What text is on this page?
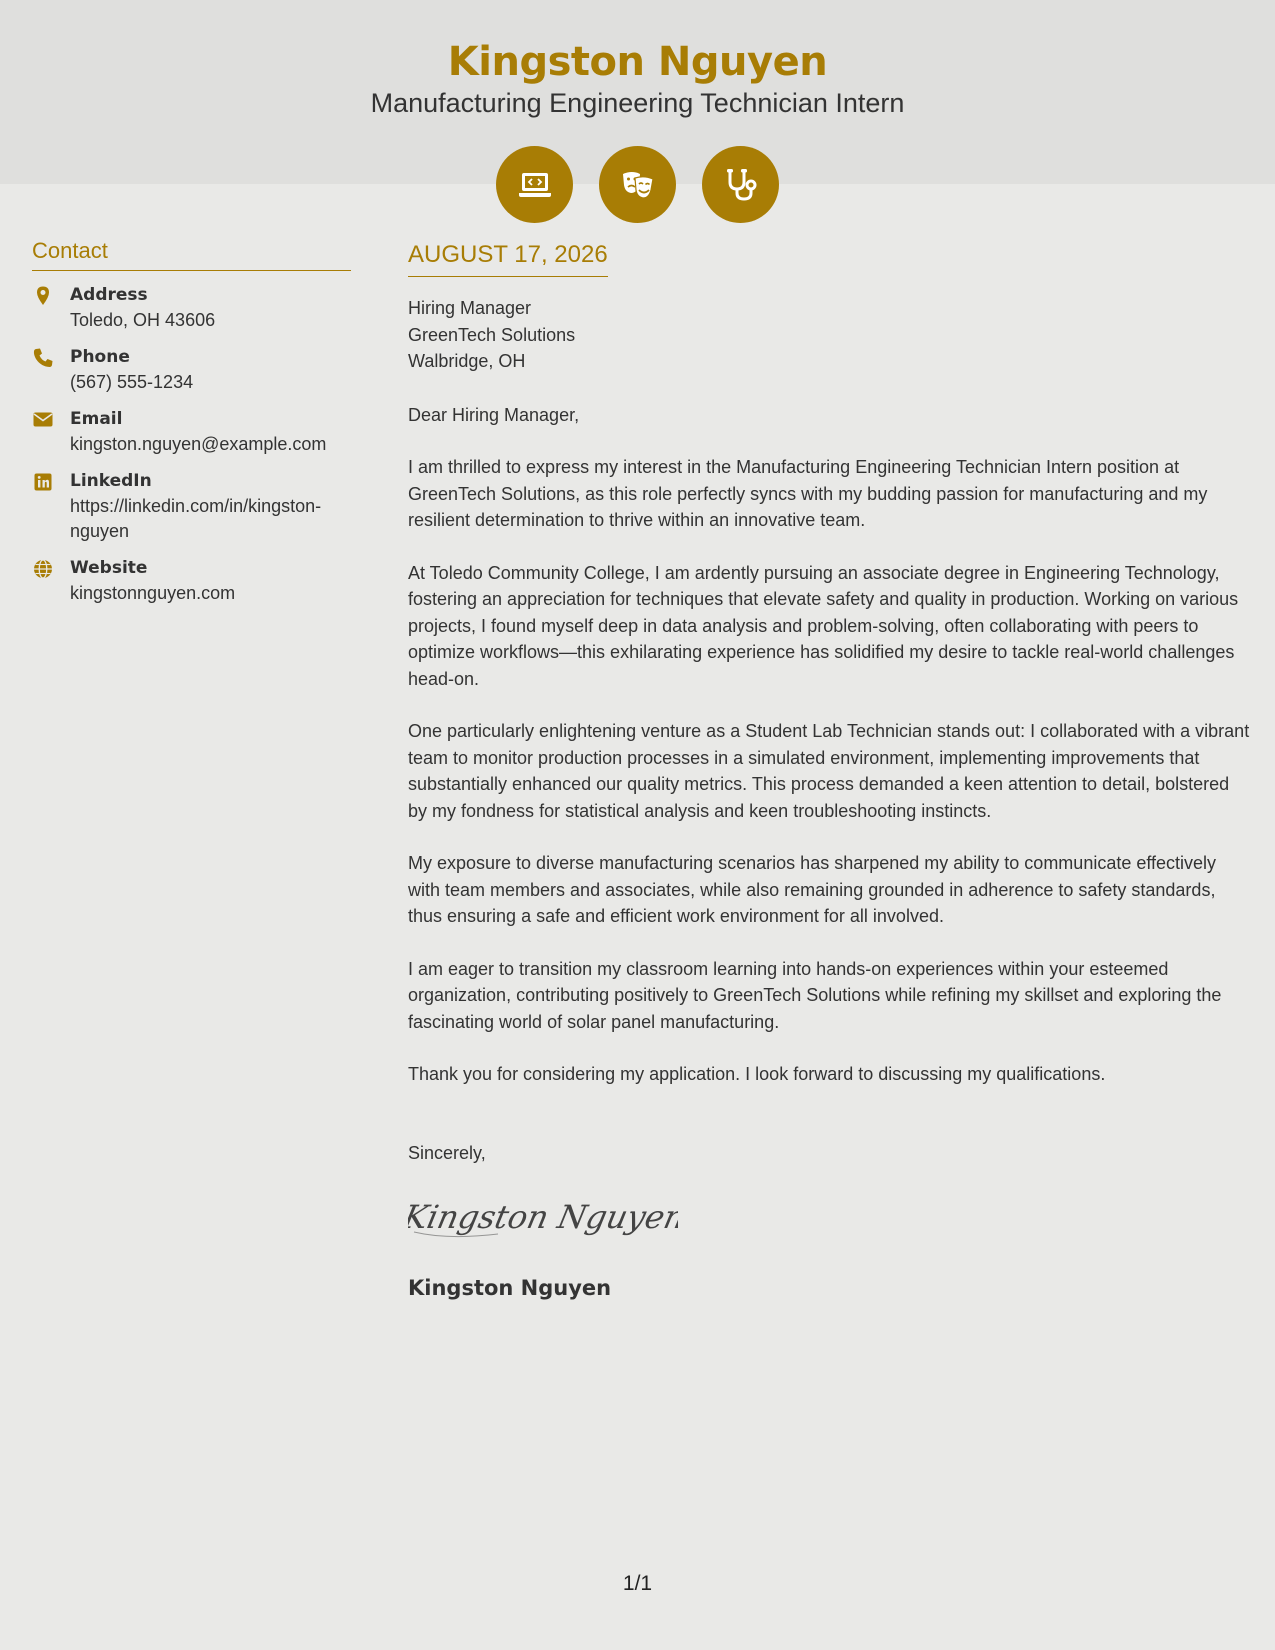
Kingston Nguyen
Manufacturing Engineering Technician Intern
Contact
Address
Toledo, OH 43606
Phone
(567) 555-1234
Email
kingston.nguyen@example.com
LinkedIn
https://linkedin.com/in/kingston-nguyen
Website
kingstonnguyen.com
AUGUST 17, 2026
Hiring Manager
GreenTech Solutions
Walbridge, OH
Dear Hiring Manager,
I am thrilled to express my interest in the Manufacturing Engineering Technician Intern position at GreenTech Solutions, as this role perfectly syncs with my budding passion for manufacturing and my resilient determination to thrive within an innovative team.
At Toledo Community College, I am ardently pursuing an associate degree in Engineering Technology, fostering an appreciation for techniques that elevate safety and quality in production. Working on various projects, I found myself deep in data analysis and problem-solving, often collaborating with peers to optimize workflows—this exhilarating experience has solidified my desire to tackle real-world challenges head-on.
One particularly enlightening venture as a Student Lab Technician stands out: I collaborated with a vibrant team to monitor production processes in a simulated environment, implementing improvements that substantially enhanced our quality metrics. This process demanded a keen attention to detail, bolstered by my fondness for statistical analysis and keen troubleshooting instincts.
My exposure to diverse manufacturing scenarios has sharpened my ability to communicate effectively with team members and associates, while also remaining grounded in adherence to safety standards, thus ensuring a safe and efficient work environment for all involved.
I am eager to transition my classroom learning into hands-on experiences within your esteemed organization, contributing positively to GreenTech Solutions while refining my skillset and exploring the fascinating world of solar panel manufacturing.
Thank you for considering my application. I look forward to discussing my qualifications.
Sincerely,
Kingston Nguyen
Kingston Nguyen
1/1
